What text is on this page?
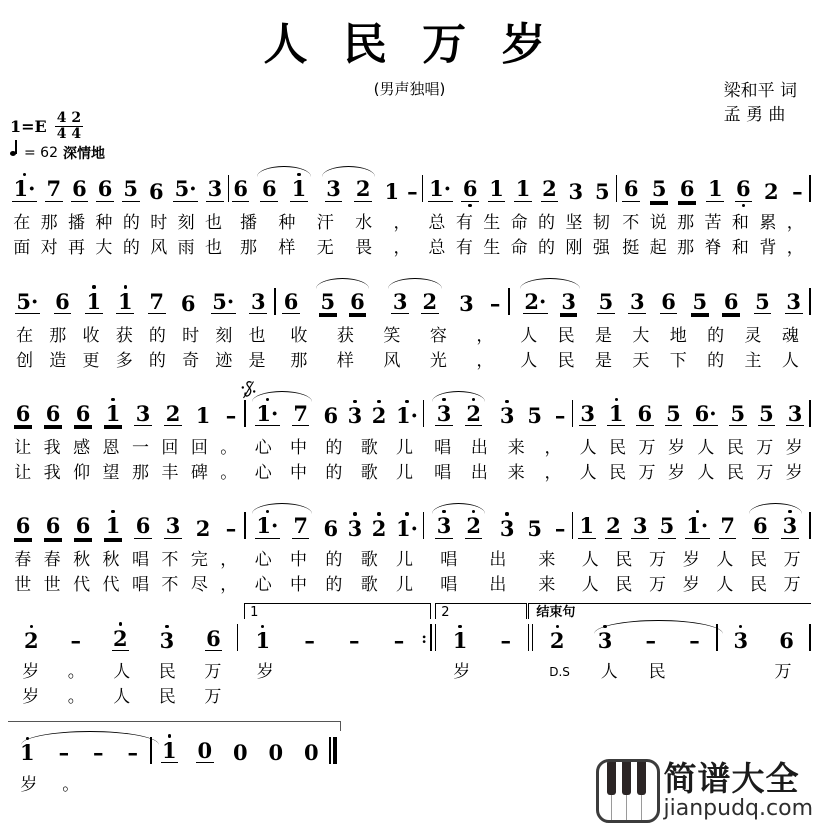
人 民 万 岁
(男声独唱)	梁和平 词
孟 勇 曲
1=E 4 2
4 4
= 62 深情地
1· 7 6 6 5 6 5· 3 6 6 1 3 2 1 – 1· 6 1 1 2 3 5 6 5 6 1 6 2 –
在 那 播 种 的 时 刻 也 播 种 汗 水 ， 总 有 生 命 的 坚 韧 不 说 那 苦 和 累 ，
面 对 再 大 的 风 雨 也 那 样 无 畏 ， 总 有 生 命 的 刚 强 挺 起 那 脊 和 背 ，
5· 6 1 1 7 6 5· 3 6 5 6 3 2 3 – 2· 3 5 3 6 5 6 5 3
在 那 收 获 的 时 刻 也 收 获 笑 容 ， 人 民 是 大 地 的 灵 魂
创 造 更 多 的 奇 迹 是 那 样 风 光 ， 人 民 是 天 下 的 主 人
6 6 6 1 3 2 1 – 1· 7 6 3 2 1· 3 2 3 5 – 3 1 6 5 6· 5 5 3
让 我 感 恩 一 回 回 。 心 中 的 歌 儿 唱 出 来 ， 人 民 万 岁 人 民 万 岁
让 我 仰 望 那 丰 碑 。 心 中 的 歌 儿 唱 出 来 ， 人 民 万 岁 人 民 万 岁
6 6 6 1 6 3 2 – 1· 7 6 3 2 1· 3 2 3 5 – 1 2 3 5 1· 7 6 3
春 春 秋 秋 唱 不 完 ， 心 中 的 歌 儿 唱 出 来 人 民 万 岁 人 民 万
世 世 代 代 唱 不 尽 ， 心 中 的 歌 儿 唱 出 来 人 民 万 岁 人 民 万
2 – 2 3 6 1 – – – : 1 – 2 3 – – 3 6
岁 。 人 民 万 岁	岁	D.S 人 民	万
岁 。 人 民 万
1	2	结束句
1 – – – 1 0 0 0 0
岁 。	简谱大全
jianpudq.com
